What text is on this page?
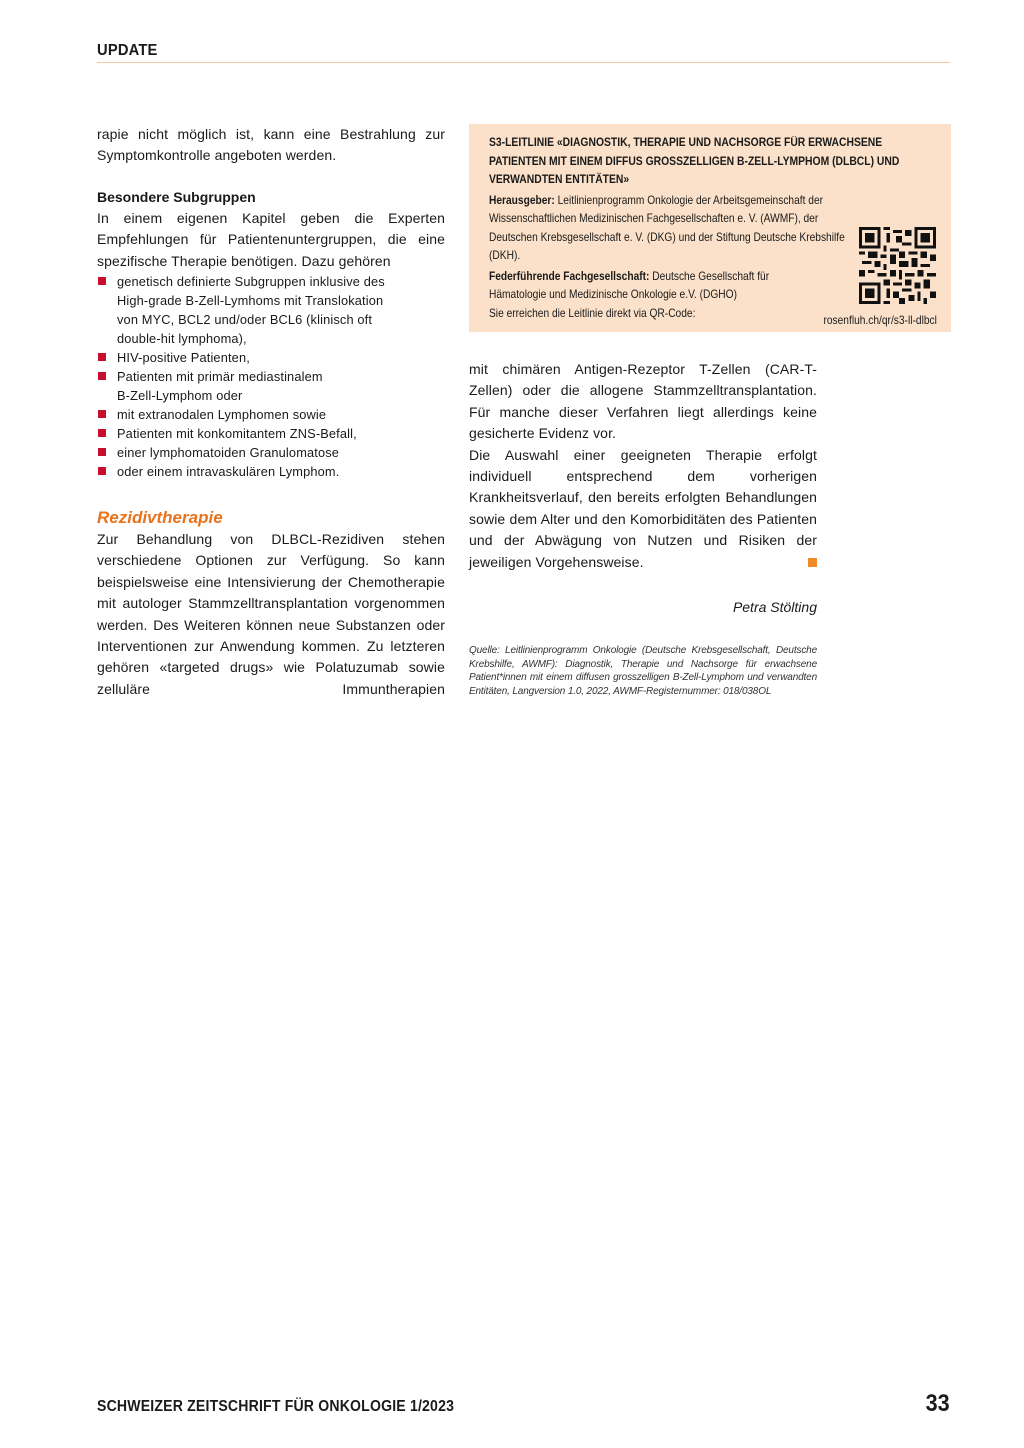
UPDATE

rapie nicht möglich ist, kann eine Bestrahlung zur Symptomkontrolle angeboten werden.

Besondere Subgruppen

In einem eigenen Kapitel geben die Experten Empfehlungen für Patientenuntergruppen, die eine spezifische Therapie benötigen. Dazu gehören

genetisch definierte Subgruppen inklusive des
High-grade B-Zell-Lymhoms mit Translokation
von MYC, BCL2 und/oder BCL6 (klinisch oft
double-hit lymphoma),
HIV-positive Patienten,
Patienten mit primär mediastinalem
B-Zell-Lymphom oder
mit extranodalen Lymphomen sowie
Patienten mit konkomitantem ZNS-Befall,
einer lymphomatoiden Granulomatose
oder einem intravaskulären Lymphom.
Rezidivtherapie

Zur Behandlung von DLBCL-Rezidiven stehen verschiedene Optionen zur Verfügung. So kann beispielsweise eine Intensivierung der Chemotherapie mit autologer Stammzelltransplantation vorgenommen werden. Des Weiteren können neue Substanzen oder Interventionen zur Anwendung kommen. Zu letzteren gehören «targeted drugs» wie Polatuzumab sowie zelluläre Immuntherapien

S3-LEITLINIE «DIAGNOSTIK, THERAPIE UND NACHSORGE FÜR ERWACHSENE PATIENTEN MIT EINEM DIFFUS GROSSZELLIGEN B-ZELL-LYMPHOM (DLBCL) UND VERWANDTEN ENTITÄTEN»
Herausgeber: Leitlinienprogramm Onkologie der Arbeitsgemeinschaft der Wissenschaftlichen Medizinischen Fachgesellschaften e. V. (AWMF), der Deutschen Krebsgesellschaft e. V. (DKG) und der Stiftung Deutsche Krebshilfe (DKH).
Federführende Fachgesellschaft: Deutsche Gesellschaft für Hämatologie und Medizinische Onkologie e.V. (DGHO)
Sie erreichen die Leitlinie direkt via QR-Code:
rosenfluh.ch/qr/s3-ll-dlbcl

mit chimären Antigen-Rezeptor T-Zellen (CAR-T-Zellen) oder die allogene Stammzelltransplantation. Für manche dieser Verfahren liegt allerdings keine gesicherte Evidenz vor.

Die Auswahl einer geeigneten Therapie erfolgt individuell entsprechend dem vorherigen Krankheitsverlauf, den bereits erfolgten Behandlungen sowie dem Alter und den Komorbiditäten des Patienten und der Abwägung von Nutzen und Risiken der jeweiligen Vorgehensweise.

Petra Stölting
Quelle: Leitlinienprogramm Onkologie (Deutsche Krebsgesellschaft, Deutsche Krebshilfe, AWMF): Diagnostik, Therapie und Nachsorge für erwachsene Patient*innen mit einem diffusen grosszelligen B-Zell-Lymphom und verwandten Entitäten, Langversion 1.0, 2022, AWMF-Registernummer: 018/038OL
SCHWEIZER ZEITSCHRIFT FÜR ONKOLOGIE 1/2023	33
